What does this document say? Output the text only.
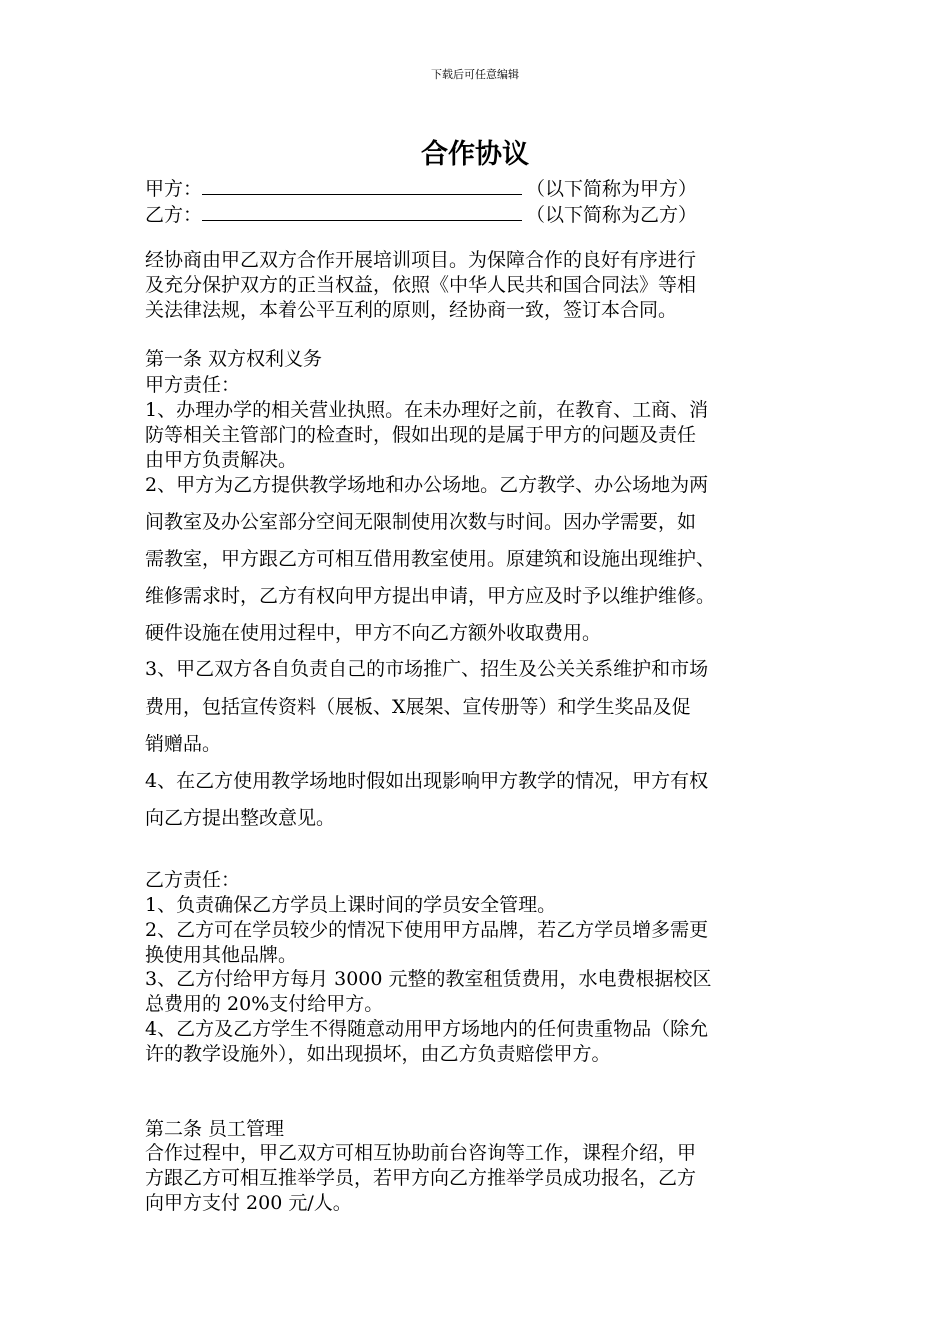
下载后可任意编辑
合作协议
甲方：	（以下简称为甲方）
乙方：	（以下简称为乙方）
经协商由甲乙双方合作开展培训项目。为保障合作的良好有序进行
及充分保护双方的正当权益，依照《中华人民共和国合同法》等相
关法律法规，本着公平互利的原则，经协商一致，签订本合同。
第一条 双方权利义务
甲方责任：
1、办理办学的相关营业执照。在未办理好之前，在教育、工商、消
防等相关主管部门的检查时，假如出现的是属于甲方的问题及责任
由甲方负责解决。
2、甲方为乙方提供教学场地和办公场地。乙方教学、办公场地为两
间教室及办公室部分空间无限制使用次数与时间。因办学需要，如
需教室，甲方跟乙方可相互借用教室使用。原建筑和设施出现维护、
维修需求时，乙方有权向甲方提出申请，甲方应及时予以维护维修。
硬件设施在使用过程中，甲方不向乙方额外收取费用。
3、甲乙双方各自负责自己的市场推广、招生及公关关系维护和市场
费用，包括宣传资料（展板、X展架、宣传册等）和学生奖品及促
销赠品。
4、在乙方使用教学场地时假如出现影响甲方教学的情况，甲方有权
向乙方提出整改意见。
乙方责任：
1、负责确保乙方学员上课时间的学员安全管理。
2、乙方可在学员较少的情况下使用甲方品牌，若乙方学员增多需更
换使用其他品牌。
3、乙方付给甲方每月 3000 元整的教室租赁费用，水电费根据校区
总费用的 20%支付给甲方。
4、乙方及乙方学生不得随意动用甲方场地内的任何贵重物品（除允
许的教学设施外），如出现损坏，由乙方负责赔偿甲方。
第二条 员工管理
合作过程中，甲乙双方可相互协助前台咨询等工作，课程介绍，甲
方跟乙方可相互推举学员，若甲方向乙方推举学员成功报名，乙方
向甲方支付 200 元/人。
